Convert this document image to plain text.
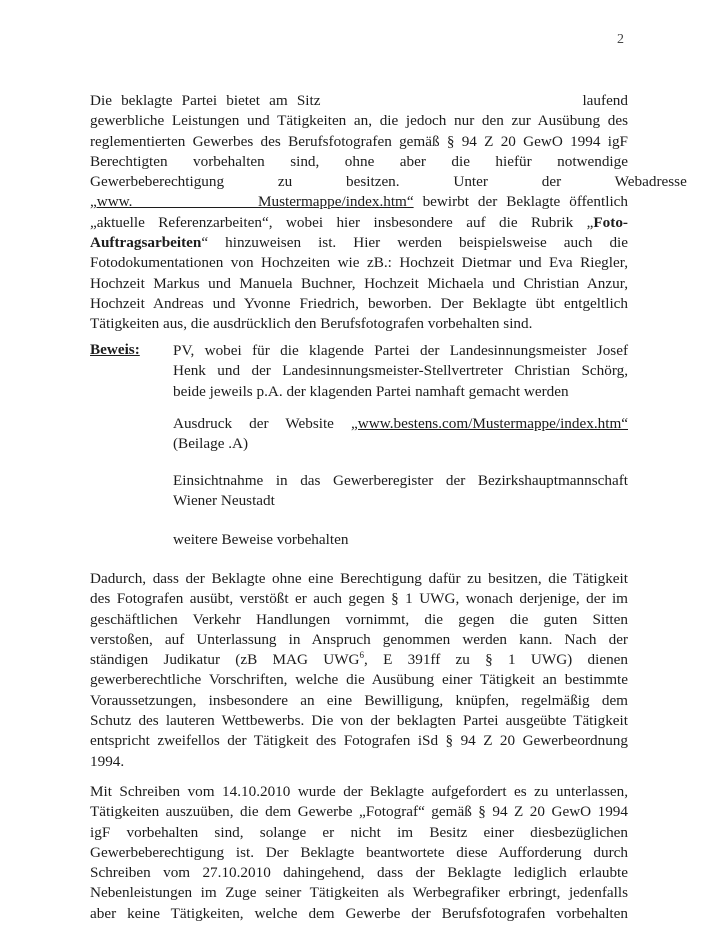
2
Die beklagte Partei bietet am Sitz	laufend
gewerbliche Leistungen und Tätigkeiten an, die jedoch nur den zur Ausübung des
reglementierten Gewerbes des Berufsfotografen gemäß § 94 Z 20 GewO 1994 igF
Berechtigten vorbehalten sind, ohne aber die hiefür notwendige
Gewerbeberechtigung zu besitzen. Unter der Webadresse
„www.              Mustermappe/index.htm“ bewirbt der Beklagte öffentlich
„aktuelle Referenzarbeiten“, wobei hier insbesondere auf die Rubrik „Foto-
Auftragsarbeiten“ hinzuweisen ist. Hier werden beispielsweise auch die
Fotodokumentationen von Hochzeiten wie zB.: Hochzeit Dietmar und Eva Riegler,
Hochzeit Markus und Manuela Buchner, Hochzeit Michaela und Christian Anzur,
Hochzeit Andreas und Yvonne Friedrich, beworben. Der Beklagte übt entgeltlich
Tätigkeiten aus, die ausdrücklich den Berufsfotografen vorbehalten sind.
Beweis: PV, wobei für die klagende Partei der Landesinnungsmeister Josef
Henk und der Landesinnungsmeister-Stellvertreter Christian Schörg,
beide jeweils p.A. der klagenden Partei namhaft gemacht werden
Ausdruck der Website „www.bestens.com/Mustermappe/index.htm“
(Beilage .A)
Einsichtnahme in das Gewerberegister der Bezirkshauptmannschaft
Wiener Neustadt
weitere Beweise vorbehalten
Dadurch, dass der Beklagte ohne eine Berechtigung dafür zu besitzen, die Tätigkeit
des Fotografen ausübt, verstößt er auch gegen § 1 UWG, wonach derjenige, der im
geschäftlichen Verkehr Handlungen vornimmt, die gegen die guten Sitten
verstoßen, auf Unterlassung in Anspruch genommen werden kann. Nach der
ständigen Judikatur (zB MAG UWG$^6$, E 391ff zu § 1 UWG) dienen
gewerberechtliche Vorschriften, welche die Ausübung einer Tätigkeit an bestimmte
Voraussetzungen, insbesondere an eine Bewilligung, knüpfen, regelmäßig dem
Schutz des lauteren Wettbewerbs. Die von der beklagten Partei ausgeübte Tätigkeit
entspricht zweifellos der Tätigkeit des Fotografen iSd § 94 Z 20 Gewerbeordnung
1994.
Mit Schreiben vom 14.10.2010 wurde der Beklagte aufgefordert es zu unterlassen,
Tätigkeiten auszuüben, die dem Gewerbe „Fotograf“ gemäß § 94 Z 20 GewO 1994
igF vorbehalten sind, solange er nicht im Besitz einer diesbezüglichen
Gewerbeberechtigung ist. Der Beklagte beantwortete diese Aufforderung durch
Schreiben vom 27.10.2010 dahingehend, dass der Beklagte lediglich erlaubte
Nebenleistungen im Zuge seiner Tätigkeiten als Werbegrafiker erbringt, jedenfalls
aber keine Tätigkeiten, welche dem Gewerbe der Berufsfotografen vorbehalten
